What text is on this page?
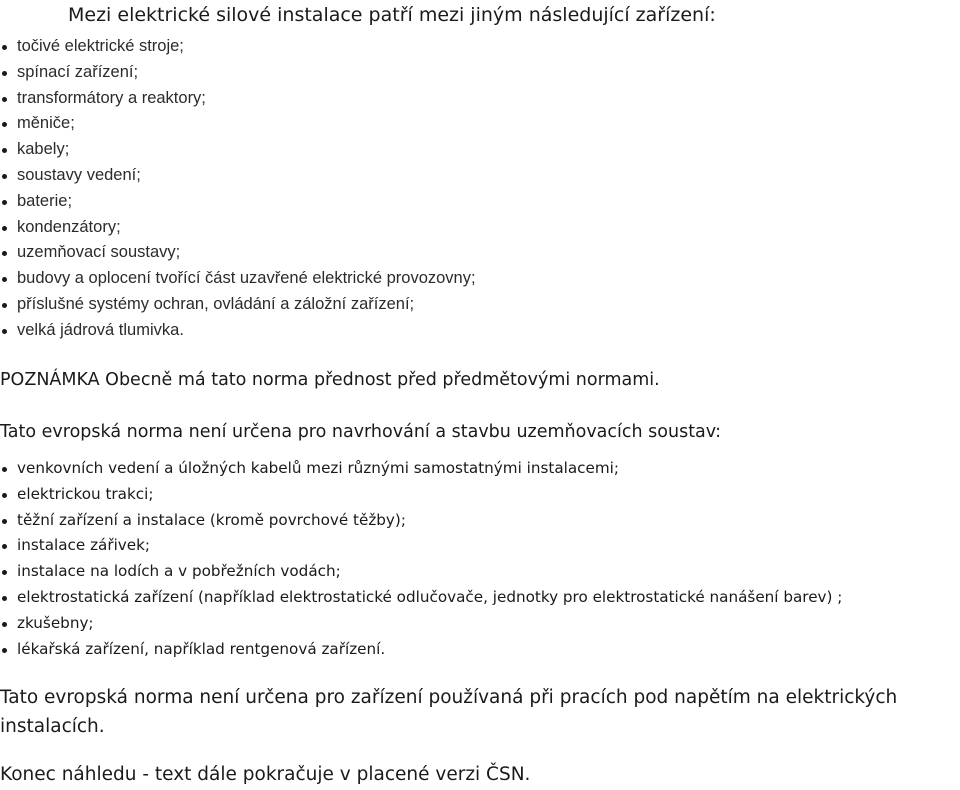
Mezi elektrické silové instalace patří mezi jiným následující zařízení:

točivé elektrické stroje;
spínací zařízení;
transformátory a reaktory;
měniče;
kabely;
soustavy vedení;
baterie;
kondenzátory;
uzemňovací soustavy;
budovy a oplocení tvořící část uzavřené elektrické provozovny;
příslušné systémy ochran, ovládání a záložní zařízení;
velká jádrová tlumivka.

POZNÁMKA Obecně má tato norma přednost před předmětovými normami.

Tato evropská norma není určena pro navrhování a stavbu uzemňovacích soustav:

venkovních vedení a úložných kabelů mezi různými samostatnými instalacemi;
elektrickou trakci;
těžní zařízení a instalace (kromě povrchové těžby);
instalace zářivek;
instalace na lodích a v pobřežních vodách;
elektrostatická zařízení (například elektrostatické odlučovače, jednotky pro elektrostatické nanášení barev) ;
zkušebny;
lékařská zařízení, například rentgenová zařízení.

Tato evropská norma není určena pro zařízení používaná při pracích pod napětím na elektrických instalacích.

Konec náhledu - text dále pokračuje v placené verzi ČSN.
